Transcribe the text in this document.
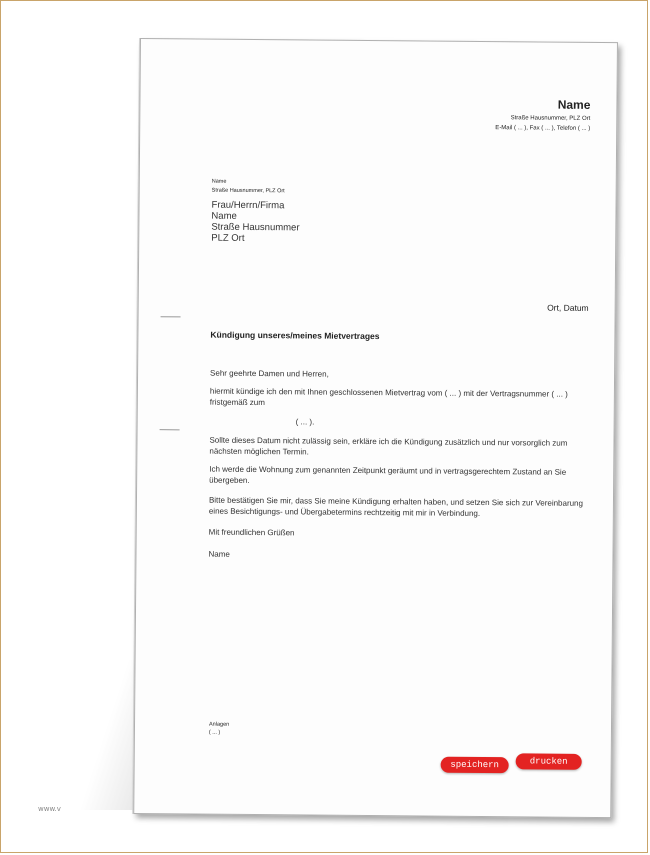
Name
Straße Hausnummer, PLZ Ort
E-Mail ( ... ), Fax ( ... ), Telefon ( ... )
Name
Straße Hausnummer, PLZ Ort
Frau/Herrn/Firma
Name
Straße Hausnummer
PLZ Ort
Ort, Datum
Kündigung unseres/meines Mietvertrages
Sehr geehrte Damen und Herren,
hiermit kündige ich den mit Ihnen geschlossenen Mietvertrag vom ( ... ) mit der Vertragsnummer ( ... ) fristgemäß zum
( ... ).
Sollte dieses Datum nicht zulässig sein, erkläre ich die Kündigung zusätzlich und nur vorsorglich zum nächsten möglichen Termin.
Ich werde die Wohnung zum genannten Zeitpunkt geräumt und in vertragsgerechtem Zustand an Sie übergeben.
Bitte bestätigen Sie mir, dass Sie meine Kündigung erhalten haben, und setzen Sie sich zur Vereinbarung eines Besichtigungs- und Übergabetermins rechtzeitig mit mir in Verbindung.
Mit freundlichen Grüßen
Name
Anlagen
( ... )
speichern	drucken
www.v
